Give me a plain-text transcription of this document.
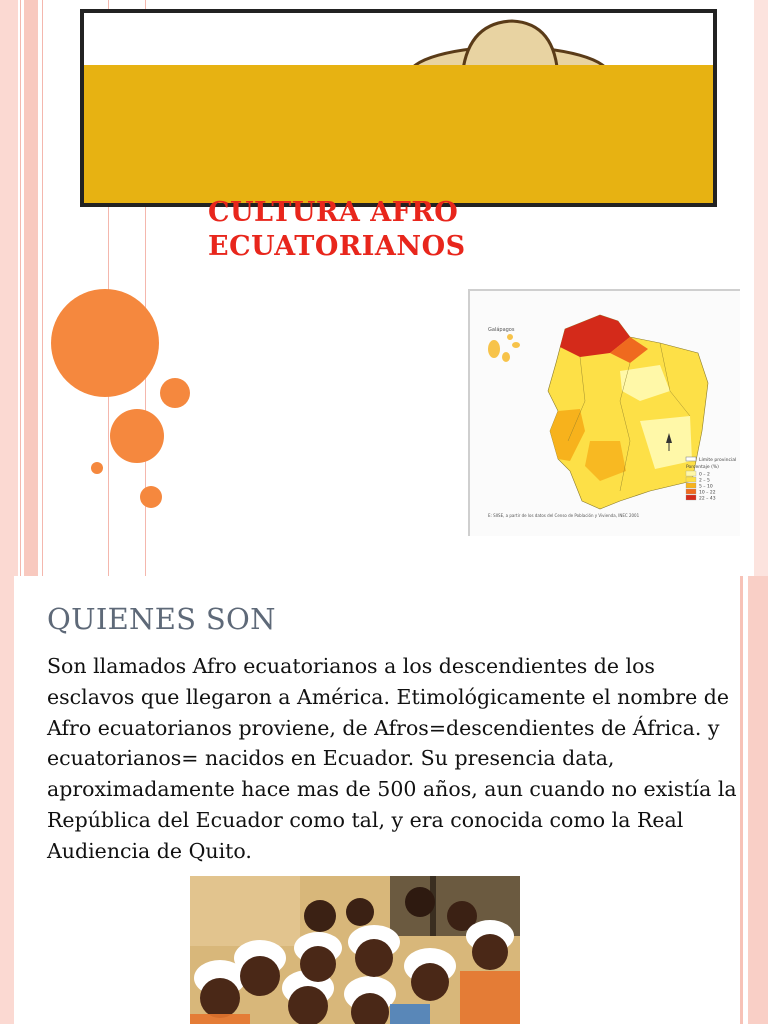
CULTURA AFRO
ECUATORIANOS
Galápagos
Límite provincial
Porcentaje (%)
0 – 2
2 – 5
5 – 10
10 – 22
22 – 43
E: SIISE, a partir de los datos del Censo de Población y Vivienda, INEC 2001
QUIENES SON

Son llamados Afro ecuatorianos a los descendientes de los esclavos que llegaron a América. Etimológicamente el nombre de Afro ecuatorianos proviene, de Afros=descendientes de África. y ecuatorianos= nacidos en Ecuador. Su presencia data, aproximadamente hace mas de 500 años, aun cuando no existía la República del Ecuador como tal, y era conocida como la Real Audiencia de Quito.
